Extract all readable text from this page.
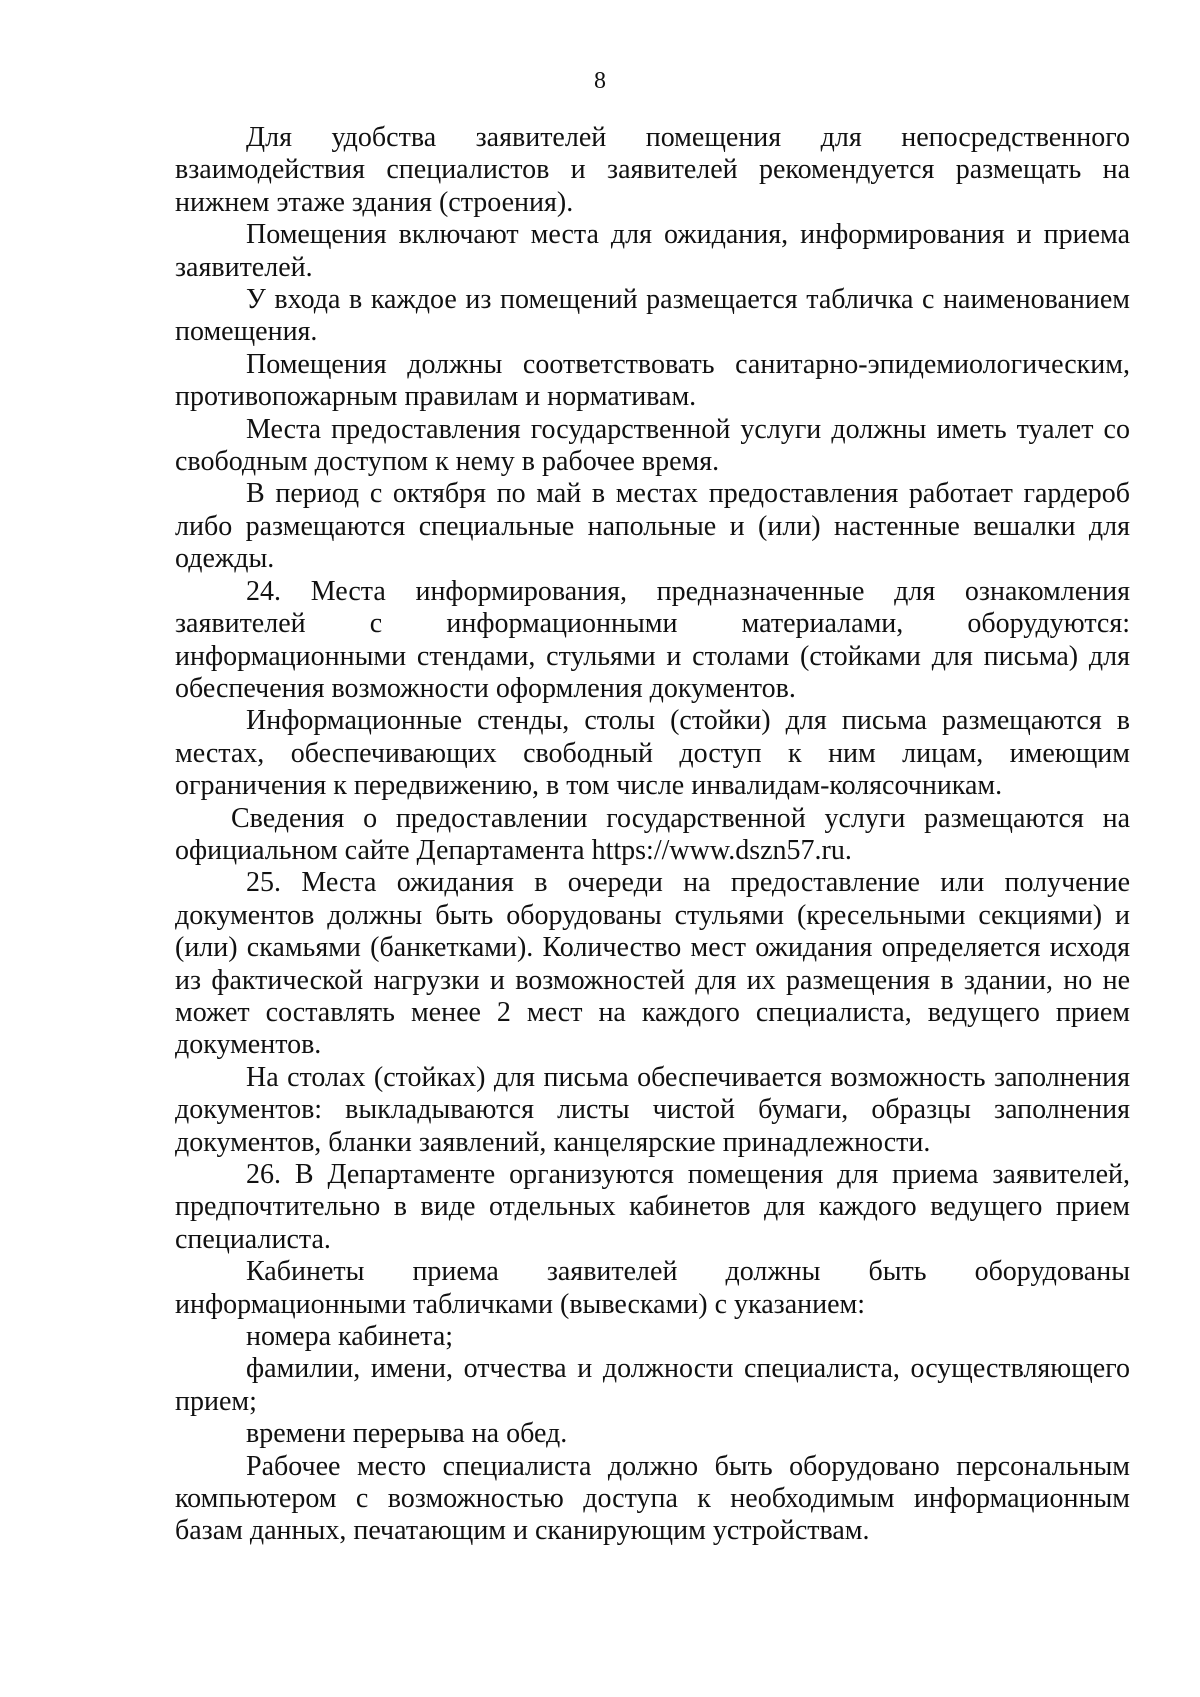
8

Для удобства заявителей помещения для непосредственного взаимодействия специалистов и заявителей рекомендуется размещать на нижнем этаже здания (строения).

Помещения включают места для ожидания, информирования и приема заявителей.

У входа в каждое из помещений размещается табличка с наименованием помещения.

Помещения должны соответствовать санитарно-эпидемиологическим, противопожарным правилам и нормативам.

Места предоставления государственной услуги должны иметь туалет со свободным доступом к нему в рабочее время.

В период с октября по май в местах предоставления работает гардероб либо размещаются специальные напольные и (или) настенные вешалки для одежды.

24. Места информирования, предназначенные для ознакомления заявителей с информационными материалами, оборудуются: информационными стендами, стульями и столами (стойками для письма) для обеспечения возможности оформления документов.

Информационные стенды, столы (стойки) для письма размещаются в местах, обеспечивающих свободный доступ к ним лицам, имеющим ограничения к передвижению, в том числе инвалидам-колясочникам.

Сведения о предоставлении государственной услуги размещаются на официальном сайте Департамента https://www.dszn57.ru.

25. Места ожидания в очереди на предоставление или получение документов должны быть оборудованы стульями (кресельными секциями) и (или) скамьями (банкетками). Количество мест ожидания определяется исходя из фактической нагрузки и возможностей для их размещения в здании, но не может составлять менее 2 мест на каждого специалиста, ведущего прием документов.

На столах (стойках) для письма обеспечивается возможность заполнения документов: выкладываются листы чистой бумаги, образцы заполнения документов, бланки заявлений, канцелярские принадлежности.

26. В Департаменте организуются помещения для приема заявителей, предпочтительно в виде отдельных кабинетов для каждого ведущего прием специалиста.

Кабинеты приема заявителей должны быть оборудованы информационными табличками (вывесками) с указанием:

номера кабинета;

фамилии, имени, отчества и должности специалиста, осуществляющего прием;

времени перерыва на обед.

Рабочее место специалиста должно быть оборудовано персональным компьютером с возможностью доступа к необходимым информационным базам данных, печатающим и сканирующим устройствам.
